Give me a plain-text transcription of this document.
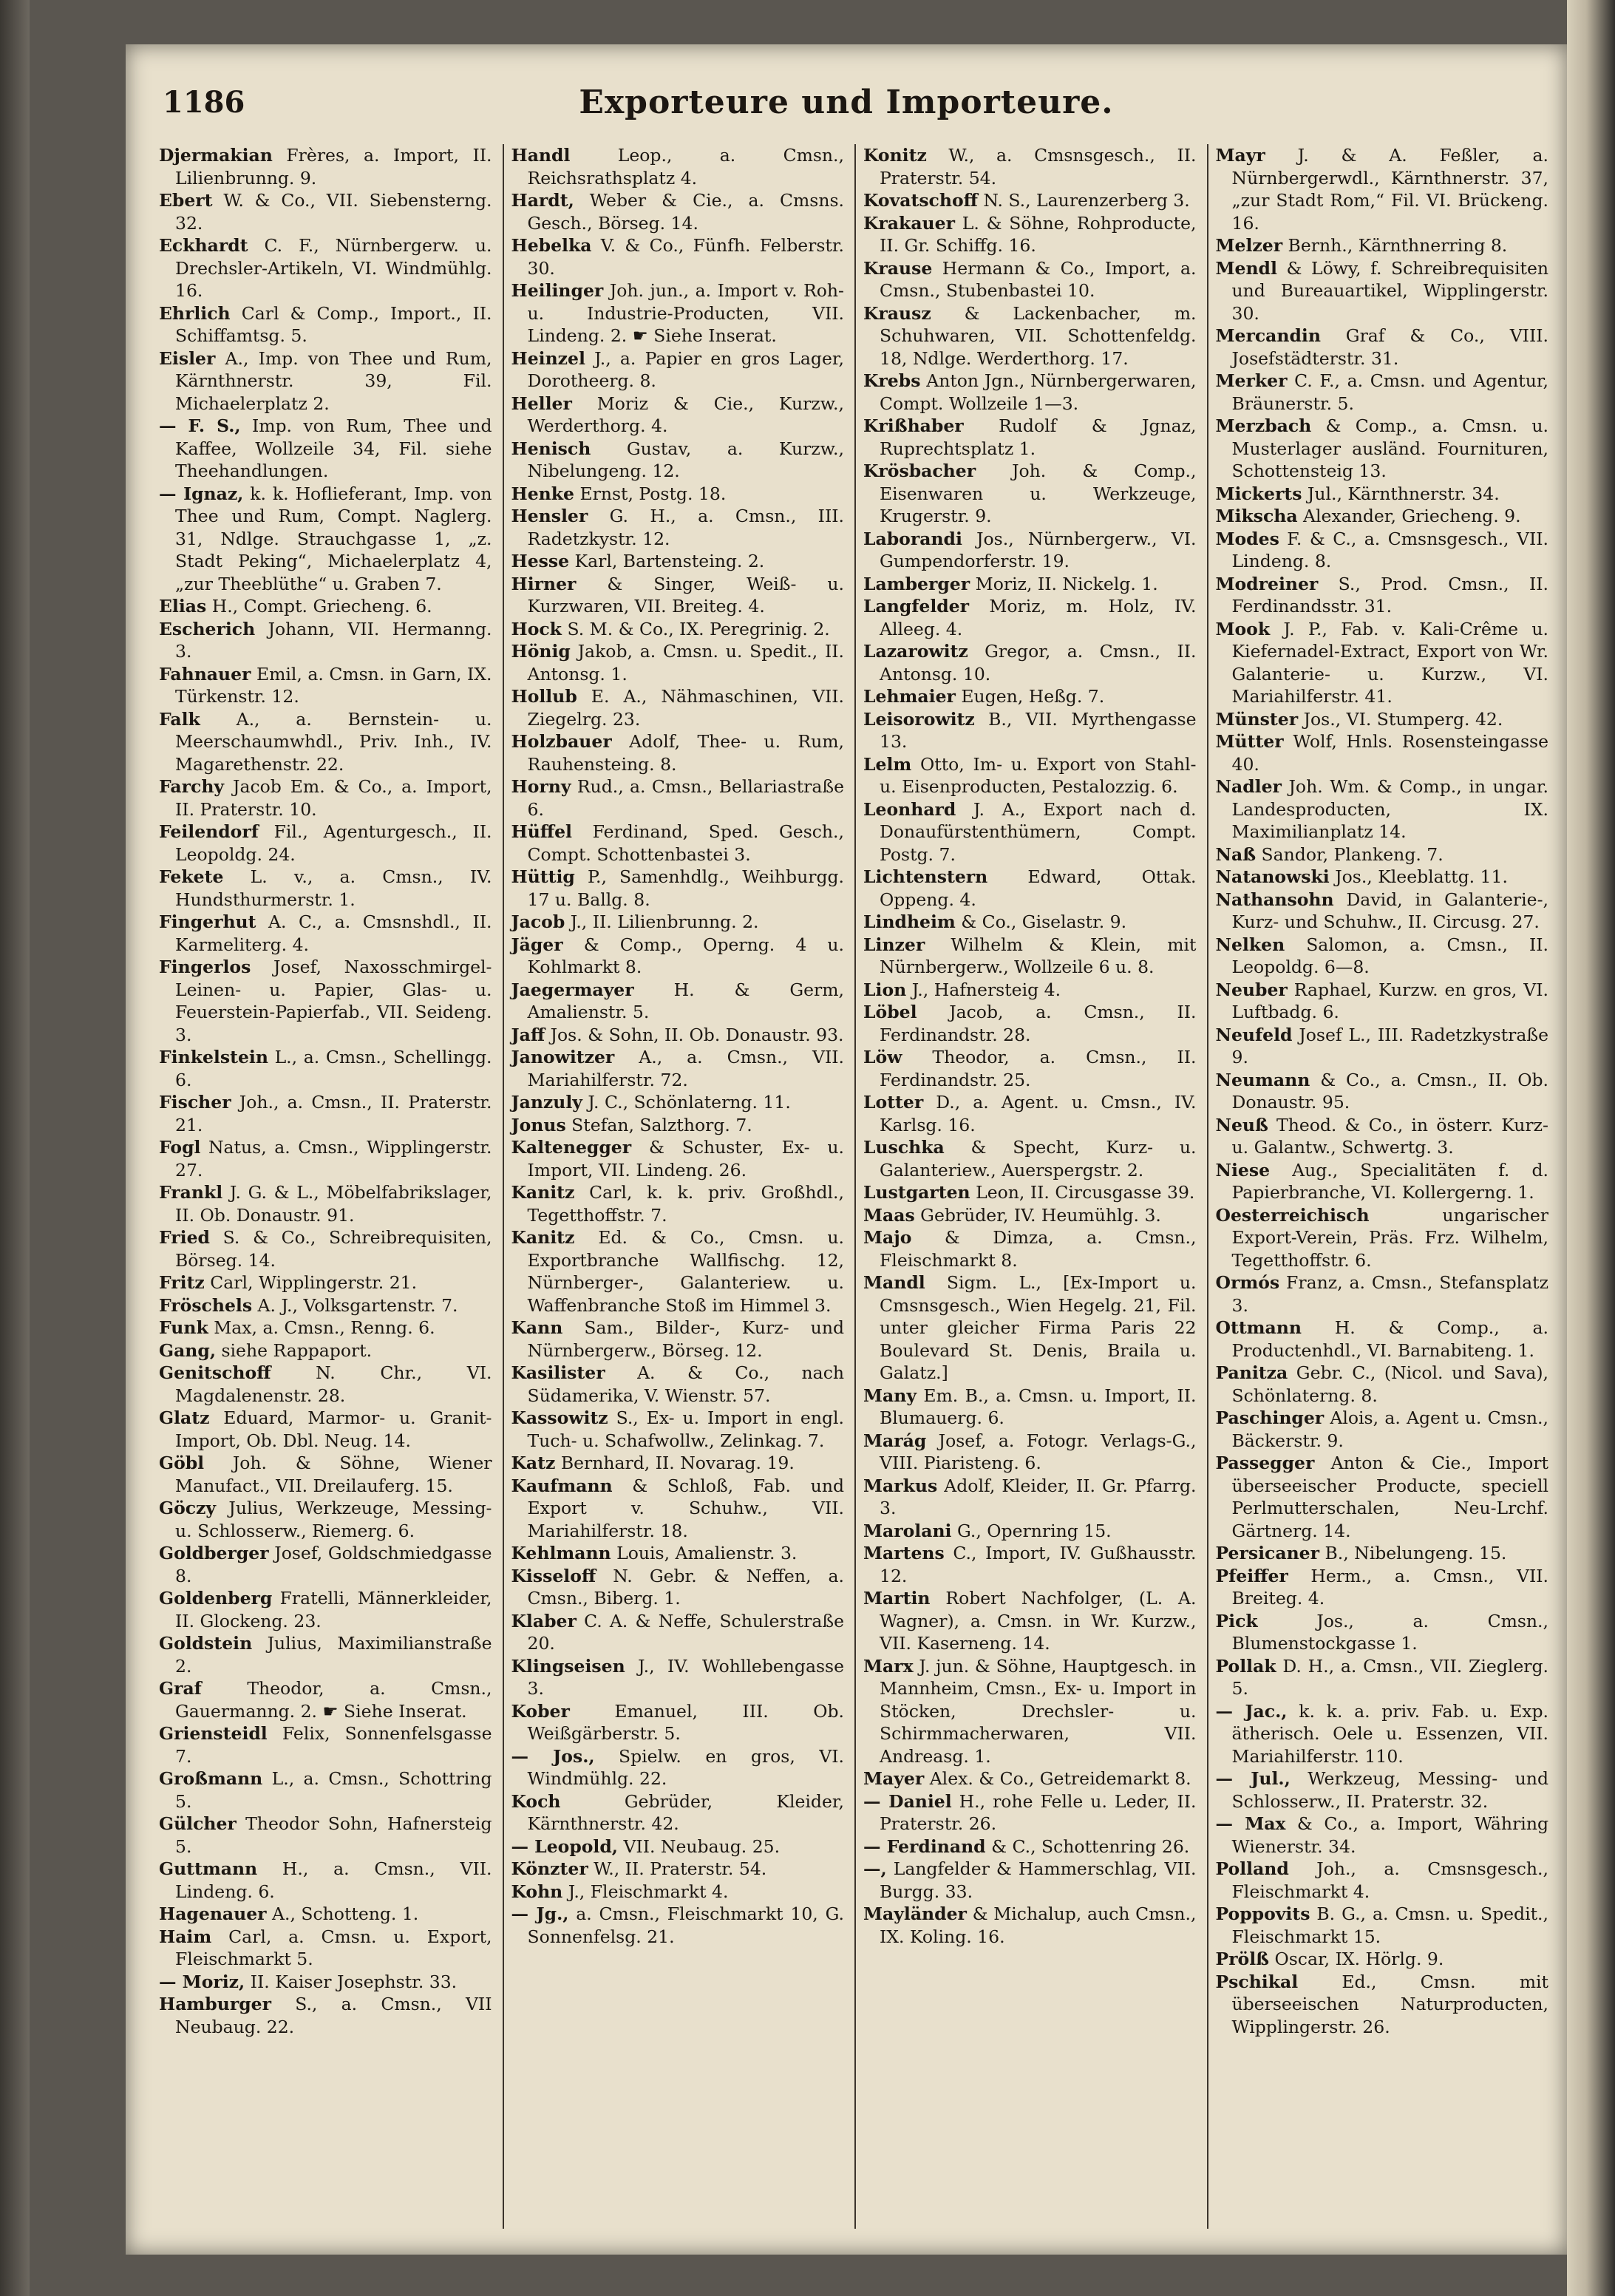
1186	Exporteure und Importeure.

Djermakian Frères, a. Import, II. Lilienbrunng. 9.

Ebert W. & Co., VII. Siebensterng. 32.

Eckhardt C. F., Nürnbergerw. u. Drechsler-Artikeln, VI. Windmühlg. 16.

Ehrlich Carl & Comp., Import., II. Schiffamtsg. 5.

Eisler A., Imp. von Thee und Rum, Kärnthnerstr. 39, Fil. Michaelerplatz 2.

— F. S., Imp. von Rum, Thee und Kaffee, Wollzeile 34, Fil. siehe Theehandlungen.

— Ignaz, k. k. Hoflieferant, Imp. von Thee und Rum, Compt. Naglerg. 31, Ndlge. Strauchgasse 1, „z. Stadt Peking“, Michaelerplatz 4, „zur Theeblüthe“ u. Graben 7.

Elias H., Compt. Griecheng. 6.

Escherich Johann, VII. Hermanng. 3.

Fahnauer Emil, a. Cmsn. in Garn, IX. Türkenstr. 12.

Falk A., a. Bernstein- u. Meerschaumwhdl., Priv. Inh., IV. Magarethenstr. 22.

Farchy Jacob Em. & Co., a. Import, II. Praterstr. 10.

Feilendorf Fil., Agenturgesch., II. Leopoldg. 24.

Fekete L. v., a. Cmsn., IV. Hundsthurmerstr. 1.

Fingerhut A. C., a. Cmsnshdl., II. Karmeliterg. 4.

Fingerlos Josef, Naxosschmirgel-Leinen- u. Papier, Glas- u. Feuerstein-Papierfab., VII. Seideng. 3.

Finkelstein L., a. Cmsn., Schellingg. 6.

Fischer Joh., a. Cmsn., II. Praterstr. 21.

Fogl Natus, a. Cmsn., Wipplingerstr. 27.

Frankl J. G. & L., Möbelfabrikslager, II. Ob. Donaustr. 91.

Fried S. & Co., Schreibrequisiten, Börseg. 14.

Fritz Carl, Wipplingerstr. 21.

Fröschels A. J., Volksgartenstr. 7.

Funk Max, a. Cmsn., Renng. 6.

Gang, siehe Rappaport.

Genitschoff N. Chr., VI. Magdalenenstr. 28.

Glatz Eduard, Marmor- u. Granit-Import, Ob. Dbl. Neug. 14.

Göbl Joh. & Söhne, Wiener Manufact., VII. Dreilauferg. 15.

Göczy Julius, Werkzeuge, Messing- u. Schlosserw., Riemerg. 6.

Goldberger Josef, Goldschmiedgasse 8.

Goldenberg Fratelli, Männerkleider, II. Glockeng. 23.

Goldstein Julius, Maximilianstraße 2.

Graf Theodor, a. Cmsn., Gauermanng. 2. ☛ Siehe Inserat.

Griensteidl Felix, Sonnenfelsgasse 7.

Großmann L., a. Cmsn., Schottring 5.

Gülcher Theodor Sohn, Hafnersteig 5.

Guttmann H., a. Cmsn., VII. Lindeng. 6.

Hagenauer A., Schotteng. 1.

Haim Carl, a. Cmsn. u. Export, Fleischmarkt 5.

— Moriz, II. Kaiser Josephstr. 33.

Hamburger S., a. Cmsn., VII Neubaug. 22.

Handl Leop., a. Cmsn., Reichsrathsplatz 4.

Hardt, Weber & Cie., a. Cmsns. Gesch., Börseg. 14.

Hebelka V. & Co., Fünfh. Felberstr. 30.

Heilinger Joh. jun., a. Import v. Roh- u. Industrie-Producten, VII. Lindeng. 2. ☛ Siehe Inserat.

Heinzel J., a. Papier en gros Lager, Dorotheerg. 8.

Heller Moriz & Cie., Kurzw., Werderthorg. 4.

Henisch Gustav, a. Kurzw., Nibelungeng. 12.

Henke Ernst, Postg. 18.

Hensler G. H., a. Cmsn., III. Radetzkystr. 12.

Hesse Karl, Bartensteing. 2.

Hirner & Singer, Weiß- u. Kurzwaren, VII. Breiteg. 4.

Hock S. M. & Co., IX. Peregrinig. 2.

Hönig Jakob, a. Cmsn. u. Spedit., II. Antonsg. 1.

Hollub E. A., Nähmaschinen, VII. Ziegelrg. 23.

Holzbauer Adolf, Thee- u. Rum, Rauhensteing. 8.

Horny Rud., a. Cmsn., Bellariastraße 6.

Hüffel Ferdinand, Sped. Gesch., Compt. Schottenbastei 3.

Hüttig P., Samenhdlg., Weihburgg. 17 u. Ballg. 8.

Jacob J., II. Lilienbrunng. 2.

Jäger & Comp., Operng. 4 u. Kohlmarkt 8.

Jaegermayer H. & Germ, Amalienstr. 5.

Jaff Jos. & Sohn, II. Ob. Donaustr. 93.

Janowitzer A., a. Cmsn., VII. Mariahilferstr. 72.

Janzuly J. C., Schönlaterng. 11.

Jonus Stefan, Salzthorg. 7.

Kaltenegger & Schuster, Ex- u. Import, VII. Lindeng. 26.

Kanitz Carl, k. k. priv. Großhdl., Tegetthoffstr. 7.

Kanitz Ed. & Co., Cmsn. u. Exportbranche Wallfischg. 12, Nürnberger-, Galanteriew. u. Waffenbranche Stoß im Himmel 3.

Kann Sam., Bilder-, Kurz- und Nürnbergerw., Börseg. 12.

Kasilister A. & Co., nach Südamerika, V. Wienstr. 57.

Kassowitz S., Ex- u. Import in engl. Tuch- u. Schafwollw., Zelinkag. 7.

Katz Bernhard, II. Novarag. 19.

Kaufmann & Schloß, Fab. und Export v. Schuhw., VII. Mariahilferstr. 18.

Kehlmann Louis, Amalienstr. 3.

Kisseloff N. Gebr. & Neffen, a. Cmsn., Biberg. 1.

Klaber C. A. & Neffe, Schulerstraße 20.

Klingseisen J., IV. Wohllebengasse 3.

Kober Emanuel, III. Ob. Weißgärberstr. 5.

— Jos., Spielw. en gros, VI. Windmühlg. 22.

Koch Gebrüder, Kleider, Kärnthnerstr. 42.

— Leopold, VII. Neubaug. 25.

Könzter W., II. Praterstr. 54.

Kohn J., Fleischmarkt 4.

— Jg., a. Cmsn., Fleischmarkt 10, G. Sonnenfelsg. 21.

Konitz W., a. Cmsnsgesch., II. Praterstr. 54.

Kovatschoff N. S., Laurenzerberg 3.

Krakauer L. & Söhne, Rohproducte, II. Gr. Schiffg. 16.

Krause Hermann & Co., Import, a. Cmsn., Stubenbastei 10.

Krausz & Lackenbacher, m. Schuhwaren, VII. Schottenfeldg. 18, Ndlge. Werderthorg. 17.

Krebs Anton Jgn., Nürnbergerwaren, Compt. Wollzeile 1—3.

Krißhaber Rudolf & Jgnaz, Ruprechtsplatz 1.

Krösbacher Joh. & Comp., Eisenwaren u. Werkzeuge, Krugerstr. 9.

Laborandi Jos., Nürnbergerw., VI. Gumpendorferstr. 19.

Lamberger Moriz, II. Nickelg. 1.

Langfelder Moriz, m. Holz, IV. Alleeg. 4.

Lazarowitz Gregor, a. Cmsn., II. Antonsg. 10.

Lehmaier Eugen, Heßg. 7.

Leisorowitz B., VII. Myrthengasse 13.

Lelm Otto, Im- u. Export von Stahl- u. Eisenproducten, Pestalozzig. 6.

Leonhard J. A., Export nach d. Donaufürstenthümern, Compt. Postg. 7.

Lichtenstern Edward, Ottak. Oppeng. 4.

Lindheim & Co., Giselastr. 9.

Linzer Wilhelm & Klein, mit Nürnbergerw., Wollzeile 6 u. 8.

Lion J., Hafnersteig 4.

Löbel Jacob, a. Cmsn., II. Ferdinandstr. 28.

Löw Theodor, a. Cmsn., II. Ferdinandstr. 25.

Lotter D., a. Agent. u. Cmsn., IV. Karlsg. 16.

Luschka & Specht, Kurz- u. Galanteriew., Auerspergstr. 2.

Lustgarten Leon, II. Circusgasse 39.

Maas Gebrüder, IV. Heumühlg. 3.

Majo & Dimza, a. Cmsn., Fleischmarkt 8.

Mandl Sigm. L., [Ex-Import u. Cmsnsgesch., Wien Hegelg. 21, Fil. unter gleicher Firma Paris 22 Boulevard St. Denis, Braila u. Galatz.]

Many Em. B., a. Cmsn. u. Import, II. Blumauerg. 6.

Marág Josef, a. Fotogr. Verlags-G., VIII. Piaristeng. 6.

Markus Adolf, Kleider, II. Gr. Pfarrg. 3.

Marolani G., Opernring 15.

Martens C., Import, IV. Gußhausstr. 12.

Martin Robert Nachfolger, (L. A. Wagner), a. Cmsn. in Wr. Kurzw., VII. Kaserneng. 14.

Marx J. jun. & Söhne, Hauptgesch. in Mannheim, Cmsn., Ex- u. Import in Stöcken, Drechsler- u. Schirmmacherwaren, VII. Andreasg. 1.

Mayer Alex. & Co., Getreidemarkt 8.

— Daniel H., rohe Felle u. Leder, II. Praterstr. 26.

— Ferdinand & C., Schottenring 26.

—, Langfelder & Hammerschlag, VII. Burgg. 33.

Mayländer & Michalup, auch Cmsn., IX. Koling. 16.

Mayr J. & A. Feßler, a. Nürnbergerwdl., Kärnthnerstr. 37, „zur Stadt Rom,“ Fil. VI. Brückeng. 16.

Melzer Bernh., Kärnthnerring 8.

Mendl & Löwy, f. Schreibrequisiten und Bureauartikel, Wipplingerstr. 30.

Mercandin Graf & Co., VIII. Josefstädterstr. 31.

Merker C. F., a. Cmsn. und Agentur, Bräunerstr. 5.

Merzbach & Comp., a. Cmsn. u. Musterlager ausländ. Fournituren, Schottensteig 13.

Mickerts Jul., Kärnthnerstr. 34.

Mikscha Alexander, Griecheng. 9.

Modes F. & C., a. Cmsnsgesch., VII. Lindeng. 8.

Modreiner S., Prod. Cmsn., II. Ferdinandsstr. 31.

Mook J. P., Fab. v. Kali-Crême u. Kiefernadel-Extract, Export von Wr. Galanterie- u. Kurzw., VI. Mariahilferstr. 41.

Münster Jos., VI. Stumperg. 42.

Mütter Wolf, Hnls. Rosensteingasse 40.

Nadler Joh. Wm. & Comp., in ungar. Landesproducten, IX. Maximilianplatz 14.

Naß Sandor, Plankeng. 7.

Natanowski Jos., Kleeblattg. 11.

Nathansohn David, in Galanterie-, Kurz- und Schuhw., II. Circusg. 27.

Nelken Salomon, a. Cmsn., II. Leopoldg. 6—8.

Neuber Raphael, Kurzw. en gros, VI. Luftbadg. 6.

Neufeld Josef L., III. Radetzkystraße 9.

Neumann & Co., a. Cmsn., II. Ob. Donaustr. 95.

Neuß Theod. & Co., in österr. Kurz- u. Galantw., Schwertg. 3.

Niese Aug., Specialitäten f. d. Papierbranche, VI. Kollergerng. 1.

Oesterreichisch ungarischer Export-Verein, Präs. Frz. Wilhelm, Tegetthoffstr. 6.

Ormós Franz, a. Cmsn., Stefansplatz 3.

Ottmann H. & Comp., a. Productenhdl., VI. Barnabiteng. 1.

Panitza Gebr. C., (Nicol. und Sava), Schönlaterng. 8.

Paschinger Alois, a. Agent u. Cmsn., Bäckerstr. 9.

Passegger Anton & Cie., Import überseeischer Producte, speciell Perlmutterschalen, Neu-Lrchf. Gärtnerg. 14.

Persicaner B., Nibelungeng. 15.

Pfeiffer Herm., a. Cmsn., VII. Breiteg. 4.

Pick Jos., a. Cmsn., Blumenstockgasse 1.

Pollak D. H., a. Cmsn., VII. Zieglerg. 5.

— Jac., k. k. a. priv. Fab. u. Exp. ätherisch. Oele u. Essenzen, VII. Mariahilferstr. 110.

— Jul., Werkzeug, Messing- und Schlosserw., II. Praterstr. 32.

— Max & Co., a. Import, Währing Wienerstr. 34.

Polland Joh., a. Cmsnsgesch., Fleischmarkt 4.

Poppovits B. G., a. Cmsn. u. Spedit., Fleischmarkt 15.

Prölß Oscar, IX. Hörlg. 9.

Pschikal Ed., Cmsn. mit überseeischen Naturproducten, Wipplingerstr. 26.
